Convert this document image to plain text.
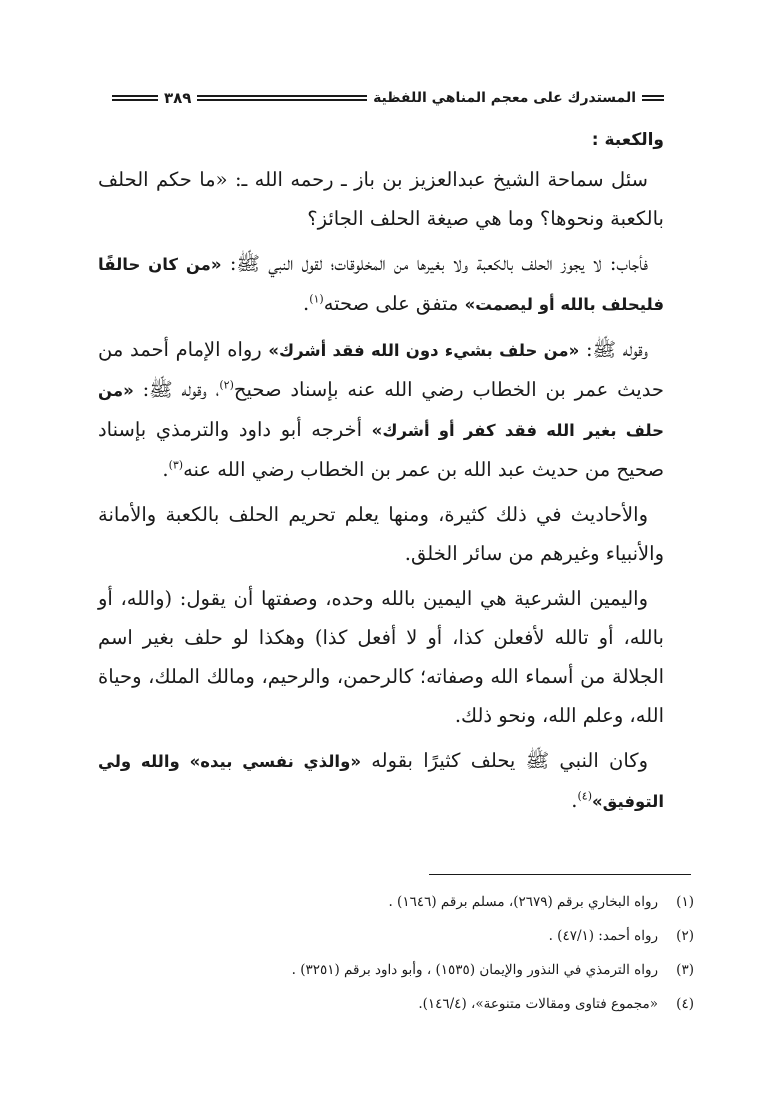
المستدرك على معجم المناهي اللفظية
٣٨٩
والكعبة :

سئل سماحة الشيخ عبدالعزيز بن باز ـ رحمه الله ـ: «ما حكم الحلف بالكعبة ونحوها؟ وما هي صيغة الحلف الجائز؟

فأجاب: لا يجوز الحلف بالكعبة ولا بغيرها من المخلوقات؛ لقول النبي ﷺ: «من كان حالفًا فليحلف بالله أو ليصمت» متفق على صحته$^{(١)}$.

وقوله ﷺ: «من حلف بشيء دون الله فقد أشرك» رواه الإمام أحمد من حديث عمر بن الخطاب رضي الله عنه بإسناد صحيح$^{(٢)}$، وقوله ﷺ: «من حلف بغير الله فقد كفر أو أشرك» أخرجه أبو داود والترمذي بإسناد صحيح من حديث عبد الله بن عمر بن الخطاب رضي الله عنه$^{(٣)}$.

والأحاديث في ذلك كثيرة، ومنها يعلم تحريم الحلف بالكعبة والأمانة والأنبياء وغيرهم من سائر الخلق.

واليمين الشرعية هي اليمين بالله وحده، وصفتها أن يقول: (والله، أو بالله، أو تالله لأفعلن كذا، أو لا أفعل كذا) وهكذا لو حلف بغير اسم الجلالة من أسماء الله وصفاته؛ كالرحمن، والرحيم، ومالك الملك، وحياة الله، وعلم الله، ونحو ذلك.

وكان النبي ﷺ يحلف كثيرًا بقوله «والذي نفسي بيده» والله ولي التوفيق»$^{(٤)}$.

(١)
رواه البخاري برقم (٢٦٧٩)، مسلم برقم (١٦٤٦) .
(٢)
رواه أحمد: (٤٧/١) .
(٣)
رواه الترمذي في النذور والإيمان (١٥٣٥) ، وأبو داود برقم (٣٢٥١) .
(٤)
«مجموع فتاوى ومقالات متنوعة»، (١٤٦/٤).
